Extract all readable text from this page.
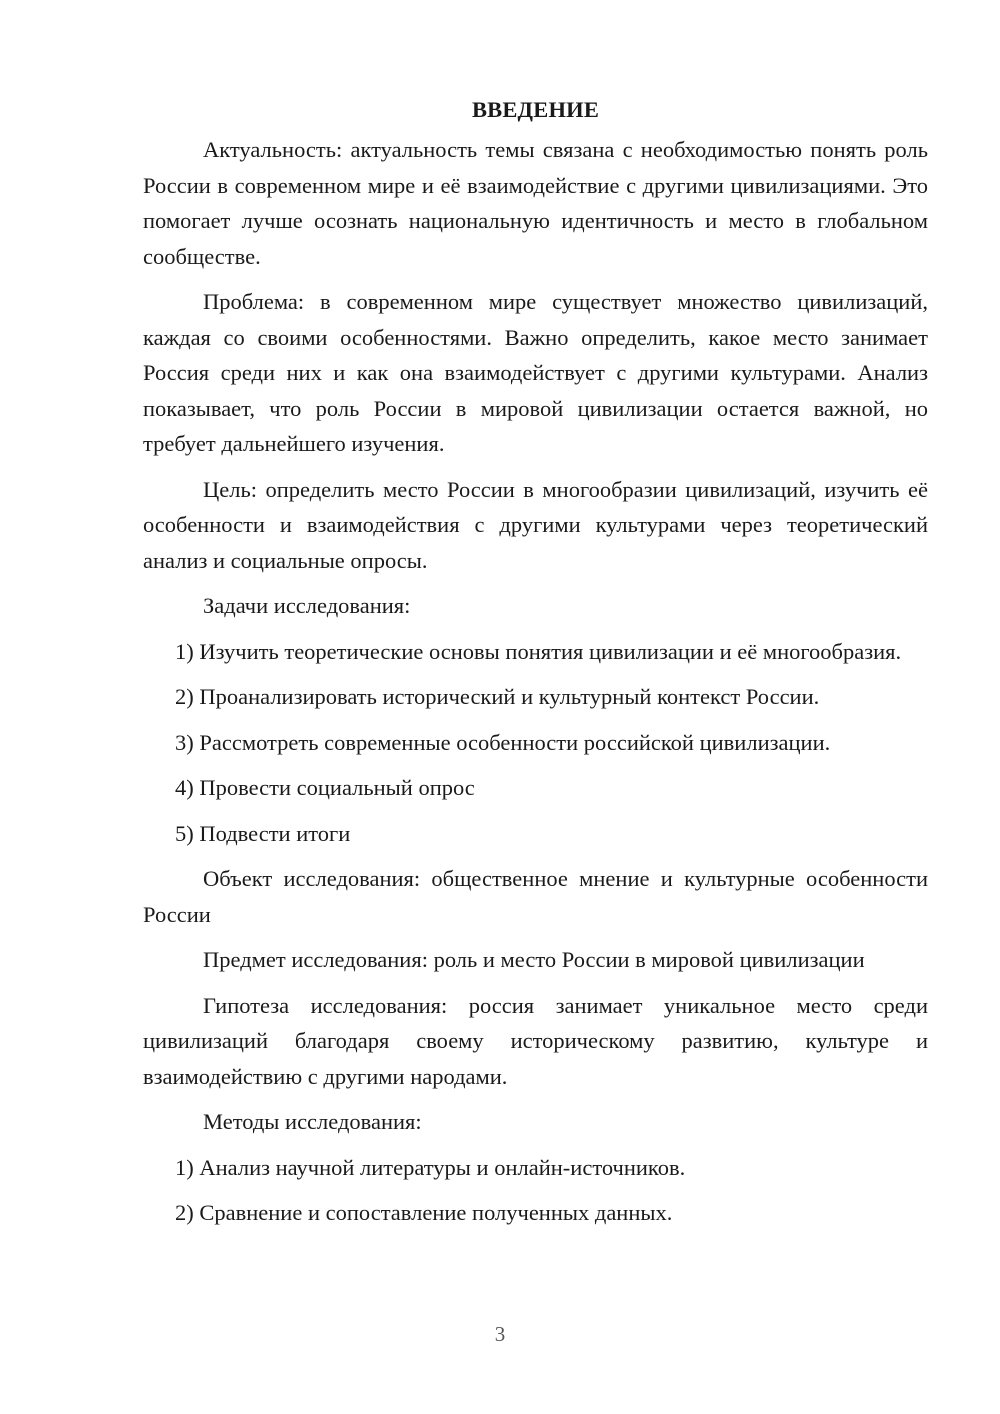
ВВЕДЕНИЕ

Актуальность: актуальность темы связана с необходимостью понять роль России в современном мире и её взаимодействие с другими цивилизациями. Это помогает лучше осознать национальную идентичность и место в глобальном сообществе.

Проблема: в современном мире существует множество цивилизаций, каждая со своими особенностями. Важно определить, какое место занимает Россия среди них и как она взаимодействует с другими культурами. Анализ показывает, что роль России в мировой цивилизации остается важной, но требует дальнейшего изучения.

Цель: определить место России в многообразии цивилизаций, изучить её особенности и взаимодействия с другими культурами через теоретический анализ и социальные опросы.

Задачи исследования:

1) Изучить теоретические основы понятия цивилизации и её многообразия.

2) Проанализировать исторический и культурный контекст России.

3) Рассмотреть современные особенности российской цивилизации.

4) Провести социальный опрос

5) Подвести итоги

Объект исследования: общественное мнение и культурные особенности России

Предмет исследования: роль и место России в мировой цивилизации

Гипотеза исследования: россия занимает уникальное место среди цивилизаций благодаря своему историческому развитию, культуре и взаимодействию с другими народами.

Методы исследования:

1) Анализ научной литературы и онлайн-источников.

2) Сравнение и сопоставление полученных данных.

3
